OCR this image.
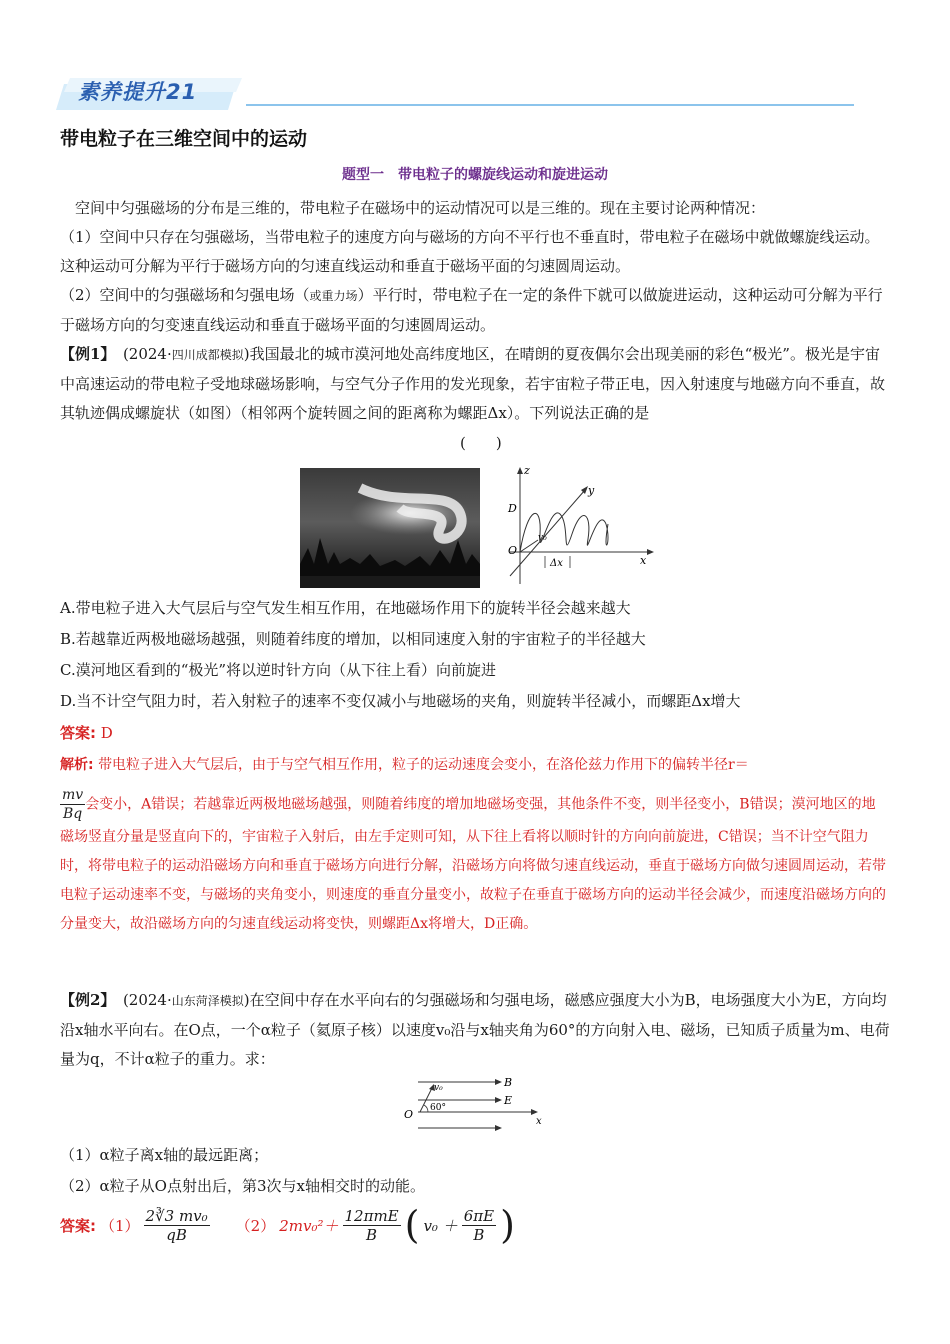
素养提升21
带电粒子在三维空间中的运动
题型一　带电粒子的螺旋线运动和旋进运动

空间中匀强磁场的分布是三维的，带电粒子在磁场中的运动情况可以是三维的。现在主要讨论两种情况：

（1）空间中只存在匀强磁场，当带电粒子的速度方向与磁场的方向不平行也不垂直时，带电粒子在磁场中就做螺旋线运动。这种运动可分解为平行于磁场方向的匀速直线运动和垂直于磁场平面的匀速圆周运动。

（2）空间中的匀强磁场和匀强电场（或重力场）平行时，带电粒子在一定的条件下就可以做旋进运动，这种运动可分解为平行于磁场方向的匀变速直线运动和垂直于磁场平面的匀速圆周运动。

【例1】　 (2024·四川成都模拟)我国最北的城市漠河地处高纬度地区，在晴朗的夏夜偶尔会出现美丽的彩色“极光”。极光是宇宙中高速运动的带电粒子受地球磁场影响，与空气分子作用的发光现象，若宇宙粒子带正电，因入射速度与地磁方向不垂直，故其轨迹偶成螺旋状（如图）（相邻两个旋转圆之间的距离称为螺距Δx）。下列说法正确的是

(　　)
z
y
x
D
O
v₀
Δx
A.带电粒子进入大气层后与空气发生相互作用，在地磁场作用下的旋转半径会越来越大
B.若越靠近两极地磁场越强，则随着纬度的增加，以相同速度入射的宇宙粒子的半径越大
C.漠河地区看到的“极光”将以逆时针方向（从下往上看）向前旋进
D.当不计空气阻力时，若入射粒子的速率不变仅减小与地磁场的夹角，则旋转半径减小，而螺距Δx增大
答案: D
解析: 带电粒子进入大气层后，由于与空气相互作用，粒子的运动速度会变小，在洛伦兹力作用下的偏转半径r＝
$\frac{mv}{Bq}$ 会变小，A错误；若越靠近两极地磁场越强，则随着纬度的增加地磁场变强，其他条件不变，则半径变小，B错误；漠河地区的地磁场竖直分量是竖直向下的，宇宙粒子入射后，由左手定则可知，从下往上看将以顺时针的方向向前旋进，C错误；当不计空气阻力时，将带电粒子的运动沿磁场方向和垂直于磁场方向进行分解，沿磁场方向将做匀速直线运动，垂直于磁场方向做匀速圆周运动，若带电粒子运动速率不变，与磁场的夹角变小，则速度的垂直分量变小，故粒子在垂直于磁场方向的运动半径会减少，而速度沿磁场方向的分量变大，故沿磁场方向的匀速直线运动将变快，则螺距Δx将增大，D正确。

【例2】　 (2024·山东菏泽模拟)在空间中存在水平向右的匀强磁场和匀强电场，磁感应强度大小为B，电场强度大小为E，方向均沿x轴水平向右。在O点，一个α粒子（氦原子核）以速度v₀沿与x轴夹角为60°的方向射入电、磁场，已知质子质量为m、电荷量为q，不计α粒子的重力。求：

B
E
x
O
v₀
60°
（1）α粒子离x轴的最远距离；
（2）α粒子从O点射出后，第3次与x轴相交时的动能。
答案: $(1) \frac{\text{2∛3 mv₀}}{qB} (2)$ $2mv_0^2+ \frac{\text{12πmE}}{B}$ ( $v_0 + \frac{6\pi E}{B}$ )
